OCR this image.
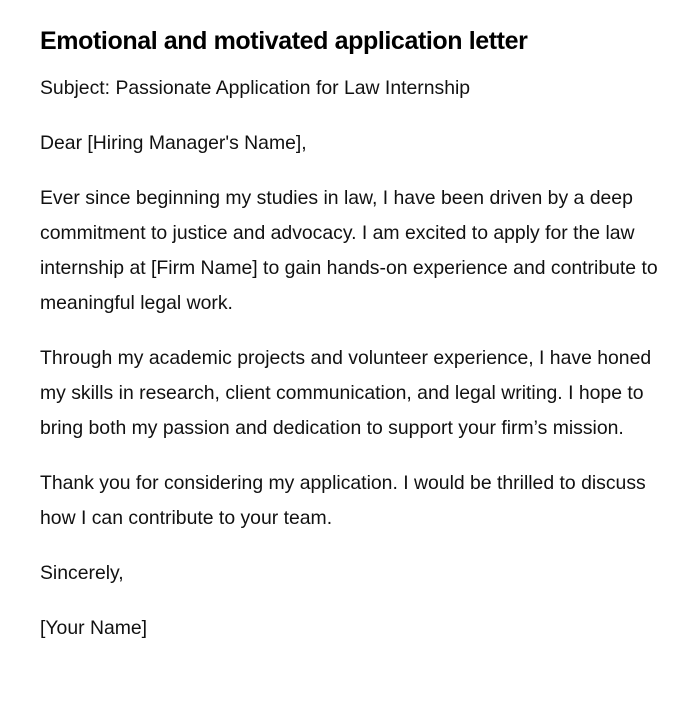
Emotional and motivated application letter

Subject: Passionate Application for Law Internship

Dear [Hiring Manager's Name],

Ever since beginning my studies in law, I have been driven by a deep commitment to justice and advocacy. I am excited to apply for the law internship at [Firm Name] to gain hands-on experience and contribute to meaningful legal work.

Through my academic projects and volunteer experience, I have honed my skills in research, client communication, and legal writing. I hope to bring both my passion and dedication to support your firm’s mission.

Thank you for considering my application. I would be thrilled to discuss how I can contribute to your team.

Sincerely,

[Your Name]
